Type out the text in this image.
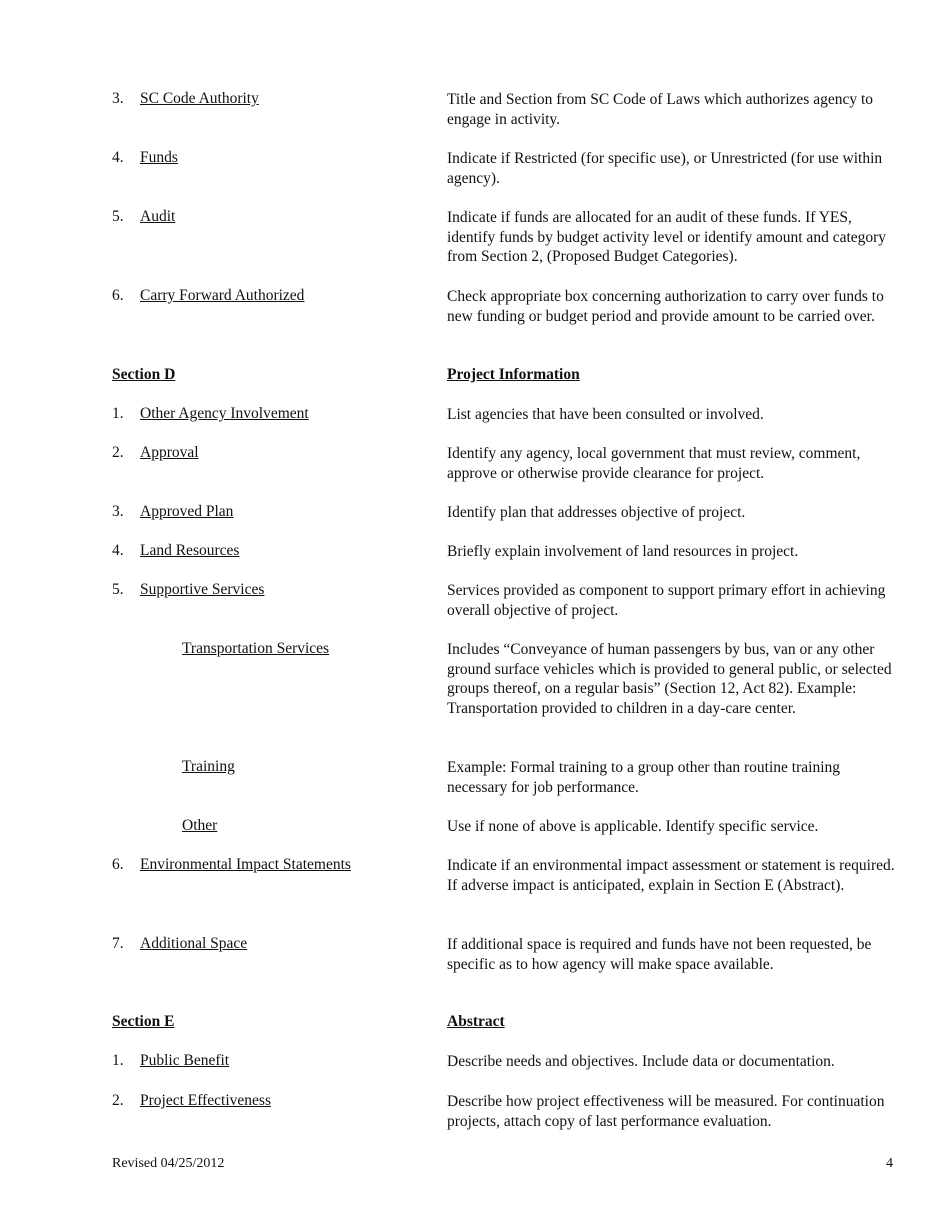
3. SC Code Authority	Title and Section from SC Code of Laws which authorizes agency to engage in activity.
4. Funds	Indicate if Restricted (for specific use), or Unrestricted (for use within agency).
5. Audit	Indicate if funds are allocated for an audit of these funds. If YES, identify funds by budget activity level or identify amount and category from Section 2, (Proposed Budget Categories).
6. Carry Forward Authorized	Check appropriate box concerning authorization to carry over funds to new funding or budget period and provide amount to be carried over.
Section D	Project Information
1. Other Agency Involvement	List agencies that have been consulted or involved.
2. Approval	Identify any agency, local government that must review, comment, approve or otherwise provide clearance for project.
3. Approved Plan	Identify plan that addresses objective of project.
4. Land Resources	Briefly explain involvement of land resources in project.
5. Supportive Services	Services provided as component to support primary effort in achieving overall objective of project.
Transportation Services	Includes “Conveyance of human passengers by bus, van or any other ground surface vehicles which is provided to general public, or selected groups thereof, on a regular basis” (Section 12, Act 82). Example: Transportation provided to children in a day-care center.
Training	Example: Formal training to a group other than routine training necessary for job performance.
Other	Use if none of above is applicable. Identify specific service.
6. Environmental Impact Statements	Indicate if an environmental impact assessment or statement is required. If adverse impact is anticipated, explain in Section E (Abstract).
7. Additional Space	If additional space is required and funds have not been requested, be specific as to how agency will make space available.
Section E	Abstract
1. Public Benefit	Describe needs and objectives. Include data or documentation.
2. Project Effectiveness	Describe how project effectiveness will be measured. For continuation projects, attach copy of last performance evaluation.
Revised 04/25/2012	4
